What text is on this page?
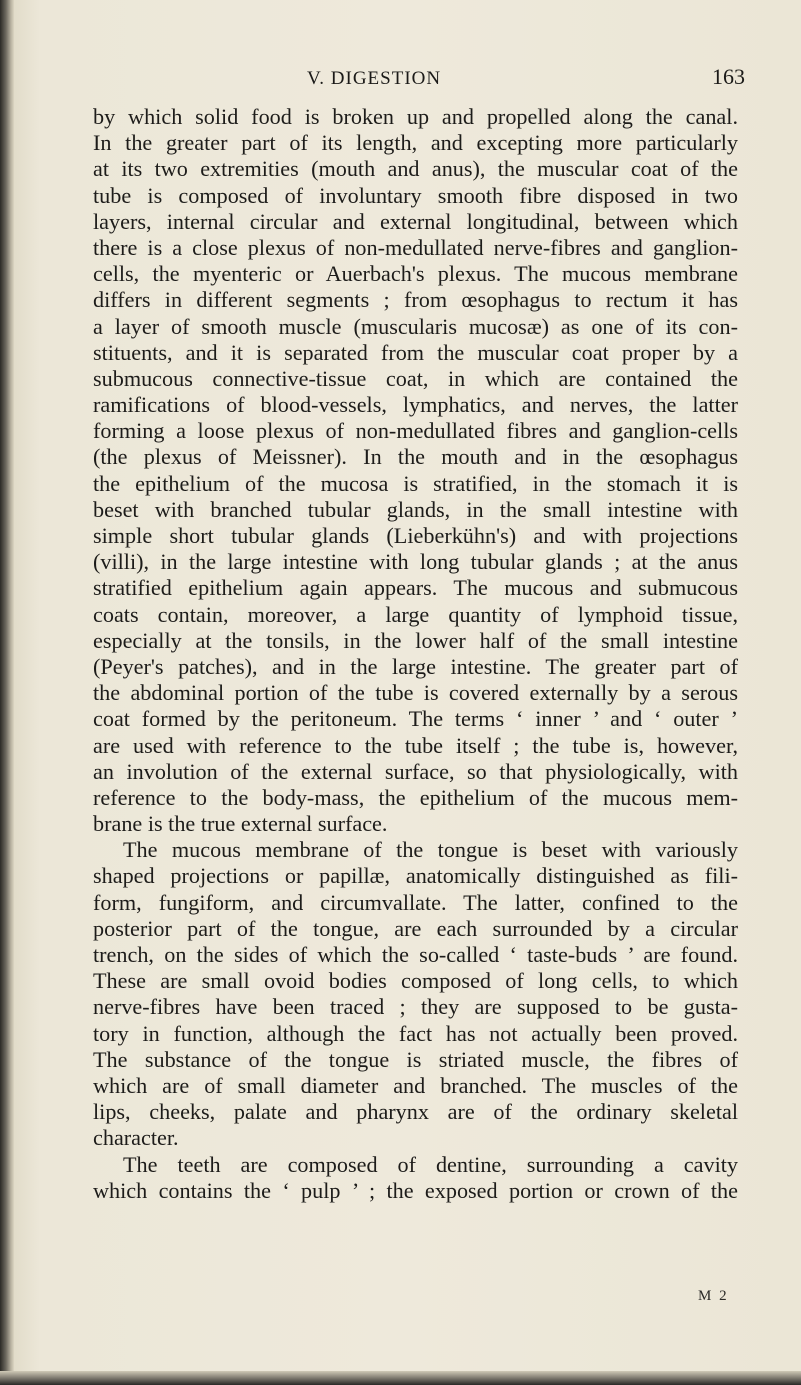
V. DIGESTION	163
by which solid food is broken up and propelled along the canal.
In the greater part of its length, and excepting more particularly
at its two extremities (mouth and anus), the muscular coat of the
tube is composed of involuntary smooth fibre disposed in two
layers, internal circular and external longitudinal, between which
there is a close plexus of non-medullated nerve-fibres and ganglion-
cells, the myenteric or Auerbach's plexus. The mucous membrane
differs in different segments ; from œsophagus to rectum it has
a layer of smooth muscle (muscularis mucosæ) as one of its con-
stituents, and it is separated from the muscular coat proper by a
submucous connective-tissue coat, in which are contained the
ramifications of blood-vessels, lymphatics, and nerves, the latter
forming a loose plexus of non-medullated fibres and ganglion-cells
(the plexus of Meissner). In the mouth and in the œsophagus
the epithelium of the mucosa is stratified, in the stomach it is
beset with branched tubular glands, in the small intestine with
simple short tubular glands (Lieberkühn's) and with projections
(villi), in the large intestine with long tubular glands ; at the anus
stratified epithelium again appears. The mucous and submucous
coats contain, moreover, a large quantity of lymphoid tissue,
especially at the tonsils, in the lower half of the small intestine
(Peyer's patches), and in the large intestine. The greater part of
the abdominal portion of the tube is covered externally by a serous
coat formed by the peritoneum. The terms ‘ inner ’ and ‘ outer ’
are used with reference to the tube itself ; the tube is, however,
an involution of the external surface, so that physiologically, with
reference to the body-mass, the epithelium of the mucous mem-
brane is the true external surface.
The mucous membrane of the tongue is beset with variously
shaped projections or papillæ, anatomically distinguished as fili-
form, fungiform, and circumvallate. The latter, confined to the
posterior part of the tongue, are each surrounded by a circular
trench, on the sides of which the so-called ‘ taste-buds ’ are found.
These are small ovoid bodies composed of long cells, to which
nerve-fibres have been traced ; they are supposed to be gusta-
tory in function, although the fact has not actually been proved.
The substance of the tongue is striated muscle, the fibres of
which are of small diameter and branched. The muscles of the
lips, cheeks, palate and pharynx are of the ordinary skeletal
character.
The teeth are composed of dentine, surrounding a cavity
which contains the ‘ pulp ’ ; the exposed portion or crown of the
M 2
